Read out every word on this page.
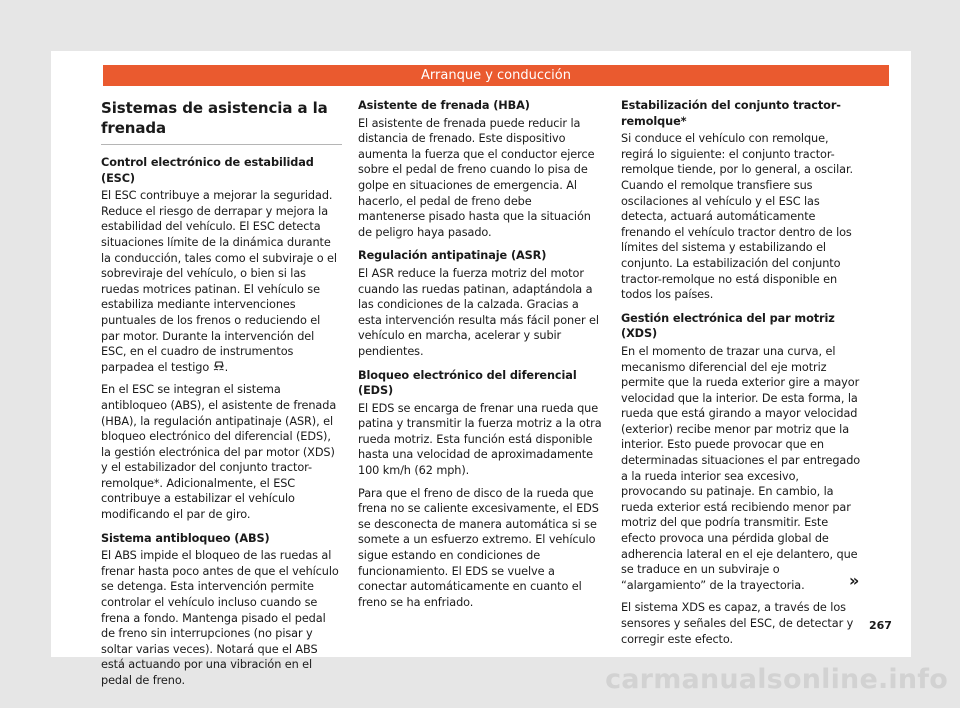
Arranque y conducción
Sistemas de asistencia a la frenada
Control electrónico de estabilidad (ESC)

El ESC contribuye a mejorar la seguridad. Reduce el riesgo de derrapar y mejora la estabilidad del vehículo. El ESC detecta situaciones límite de la dinámica durante la conducción, tales como el subviraje o el sobreviraje del vehículo, o bien si las ruedas motrices patinan. El vehículo se estabiliza mediante intervenciones puntuales de los frenos o reduciendo el par motor. Durante la intervención del ESC, en el cuadro de instrumentos parpadea el testigo .

En el ESC se integran el sistema antibloqueo (ABS), el asistente de frenada (HBA), la regulación antipatinaje (ASR), el bloqueo electrónico del diferencial (EDS), la gestión electrónica del par motor (XDS) y el estabilizador del conjunto tractor-remolque*. Adicionalmente, el ESC contribuye a estabilizar el vehículo modificando el par de giro.

Sistema antibloqueo (ABS)

El ABS impide el bloqueo de las ruedas al frenar hasta poco antes de que el vehículo se detenga. Esta intervención permite controlar el vehículo incluso cuando se frena a fondo. Mantenga pisado el pedal de freno sin interrupciones (no pisar y soltar varias veces). Notará que el ABS está actuando por una vibración en el pedal de freno.

Asistente de frenada (HBA)

El asistente de frenada puede reducir la distancia de frenado. Este dispositivo aumenta la fuerza que el conductor ejerce sobre el pedal de freno cuando lo pisa de golpe en situaciones de emergencia. Al hacerlo, el pedal de freno debe mantenerse pisado hasta que la situación de peligro haya pasado.

Regulación antipatinaje (ASR)

El ASR reduce la fuerza motriz del motor cuando las ruedas patinan, adaptándola a las condiciones de la calzada. Gracias a esta intervención resulta más fácil poner el vehículo en marcha, acelerar y subir pendientes.

Bloqueo electrónico del diferencial (EDS)

El EDS se encarga de frenar una rueda que patina y transmitir la fuerza motriz a la otra rueda motriz. Esta función está disponible hasta una velocidad de aproximadamente 100 km/h (62 mph).

Para que el freno de disco de la rueda que frena no se caliente excesivamente, el EDS se desconecta de manera automática si se somete a un esfuerzo extremo. El vehículo sigue estando en condiciones de funcionamiento. El EDS se vuelve a conectar automáticamente en cuanto el freno se ha enfriado.

Estabilización del conjunto tractor-remolque*

Si conduce el vehículo con remolque, regirá lo siguiente: el conjunto tractor-remolque tiende, por lo general, a oscilar. Cuando el remolque transfiere sus oscilaciones al vehículo y el ESC las detecta, actuará automáticamente frenando el vehículo tractor dentro de los límites del sistema y estabilizando el conjunto. La estabilización del conjunto tractor-remolque no está disponible en todos los países.

Gestión electrónica del par motriz (XDS)

En el momento de trazar una curva, el mecanismo diferencial del eje motriz permite que la rueda exterior gire a mayor velocidad que la interior. De esta forma, la rueda que está girando a mayor velocidad (exterior) recibe menor par motriz que la interior. Esto puede provocar que en determinadas situaciones el par entregado a la rueda interior sea excesivo, provocando su patinaje. En cambio, la rueda exterior está recibiendo menor par motriz del que podría transmitir. Este efecto provoca una pérdida global de adherencia lateral en el eje delantero, que se traduce en un subviraje o “alargamiento” de la trayectoria.

El sistema XDS es capaz, a través de los sensores y señales del ESC, de detectar y corregir este efecto.

»
267
carmanualsonline.info
